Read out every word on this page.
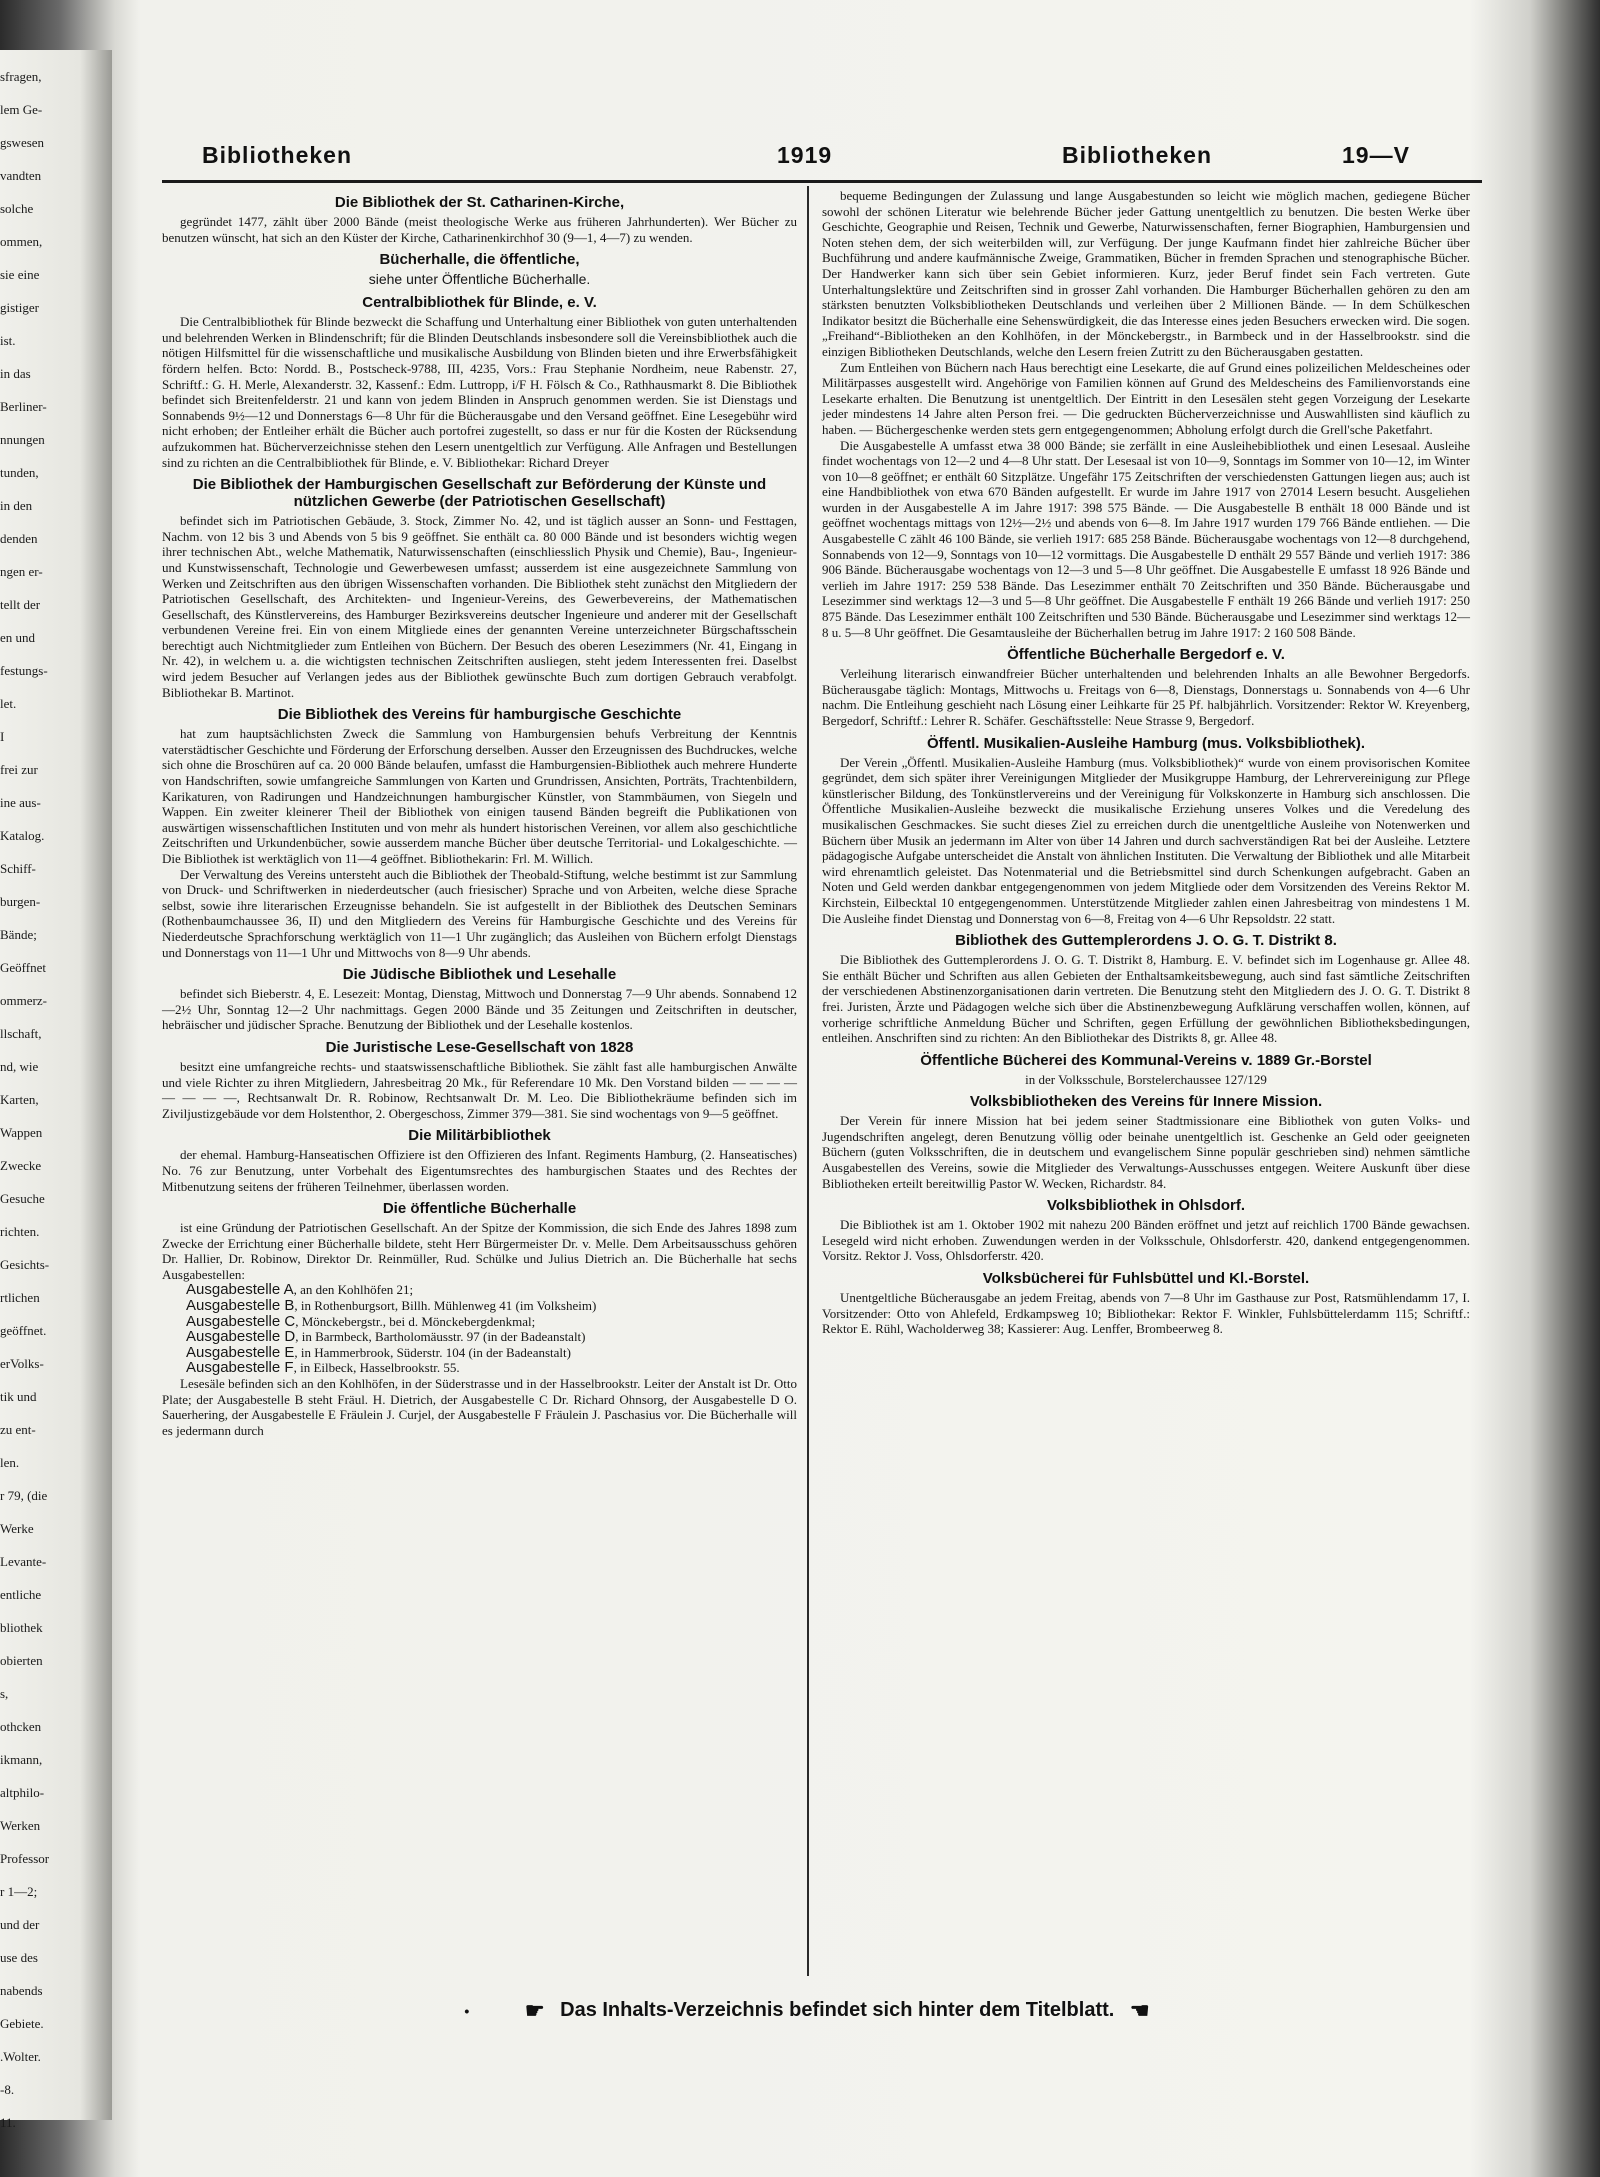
sfragen,
lem Ge-
gswesen
vandten
solche
ommen,
sie eine
gistiger
ist.
in das
Berliner-
nnungen
tunden,
in den
denden
ngen er-
tellt der
en und
festungs-
let.
I
frei zur
ine aus-
Katalog.
Schiff-
burgen-
Bände;
Geöffnet
ommerz-
llschaft,
nd, wie
Karten,
Wappen
Zwecke
Gesuche
richten.
Gesichts-
rtlichen
geöffnet.
erVolks-
tik und
zu ent-
len.
r 79, (die
Werke
Levante-
entliche
bliothek
obierten
s,
othcken
ikmann,
altphilo-
Werken
Professor
r 1—2;
und der
use des
nabends
Gebiete.
.Wolter.
-8.
11.
Bibliotheken	1919	Bibliotheken	19—V
Die Bibliothek der St. Catharinen-Kirche,

gegründet 1477, zählt über 2000 Bände (meist theologische Werke aus früheren Jahrhunderten). Wer Bücher zu benutzen wünscht, hat sich an den Küster der Kirche, Catharinenkirchhof 30 (9—1, 4—7) zu wenden.

Bücherhalle, die öffentliche,
siehe unter Öffentliche Bücherhalle.
Centralbibliothek für Blinde, e. V.

Die Centralbibliothek für Blinde bezweckt die Schaffung und Unterhaltung einer Bibliothek von guten unterhaltenden und belehrenden Werken in Blindenschrift; für die Blinden Deutschlands insbesondere soll die Vereinsbibliothek auch die nötigen Hilfsmittel für die wissenschaftliche und musikalische Ausbildung von Blinden bieten und ihre Erwerbsfähigkeit fördern helfen. Bcto: Nordd. B., Postscheck-9788, III, 4235, Vors.: Frau Stephanie Nordheim, neue Rabenstr. 27, Schriftf.: G. H. Merle, Alexanderstr. 32, Kassenf.: Edm. Luttropp, i/F H. Fölsch & Co., Rathhausmarkt 8. Die Bibliothek befindet sich Breitenfelderstr. 21 und kann von jedem Blinden in Anspruch genommen werden. Sie ist Dienstags und Sonnabends 9½—12 und Donnerstags 6—8 Uhr für die Bücherausgabe und den Versand geöffnet. Eine Lesegebühr wird nicht erhoben; der Entleiher erhält die Bücher auch portofrei zugestellt, so dass er nur für die Kosten der Rücksendung aufzukommen hat. Bücherverzeichnisse stehen den Lesern unentgeltlich zur Verfügung. Alle Anfragen und Bestellungen sind zu richten an die Centralbibliothek für Blinde, e. V. Bibliothekar: Richard Dreyer

Die Bibliothek der Hamburgischen Gesellschaft zur Beförderung der Künste und nützlichen Gewerbe (der Patriotischen Gesellschaft)

befindet sich im Patriotischen Gebäude, 3. Stock, Zimmer No. 42, und ist täglich ausser an Sonn- und Festtagen, Nachm. von 12 bis 3 und Abends von 5 bis 9 geöffnet. Sie enthält ca. 80 000 Bände und ist besonders wichtig wegen ihrer technischen Abt., welche Mathematik, Naturwissenschaften (einschliesslich Physik und Chemie), Bau-, Ingenieur- und Kunstwissenschaft, Technologie und Gewerbewesen umfasst; ausserdem ist eine ausgezeichnete Sammlung von Werken und Zeitschriften aus den übrigen Wissenschaften vorhanden. Die Bibliothek steht zunächst den Mitgliedern der Patriotischen Gesellschaft, des Architekten- und Ingenieur-Vereins, des Gewerbevereins, der Mathematischen Gesellschaft, des Künstlervereins, des Hamburger Bezirksvereins deutscher Ingenieure und anderer mit der Gesellschaft verbundenen Vereine frei. Ein von einem Mitgliede eines der genannten Vereine unterzeichneter Bürgschaftsschein berechtigt auch Nichtmitglieder zum Entleihen von Büchern. Der Besuch des oberen Lesezimmers (Nr. 41, Eingang in Nr. 42), in welchem u. a. die wichtigsten technischen Zeitschriften ausliegen, steht jedem Interessenten frei. Daselbst wird jedem Besucher auf Verlangen jedes aus der Bibliothek gewünschte Buch zum dortigen Gebrauch verabfolgt. Bibliothekar B. Martinot.

Die Bibliothek des Vereins für hamburgische Geschichte

hat zum hauptsächlichsten Zweck die Sammlung von Hamburgensien behufs Verbreitung der Kenntnis vaterstädtischer Geschichte und Förderung der Erforschung derselben. Ausser den Erzeugnissen des Buchdruckes, welche sich ohne die Broschüren auf ca. 20 000 Bände belaufen, umfasst die Hamburgensien-Bibliothek auch mehrere Hunderte von Handschriften, sowie umfangreiche Sammlungen von Karten und Grundrissen, Ansichten, Porträts, Trachtenbildern, Karikaturen, von Radirungen und Handzeichnungen hamburgischer Künstler, von Stammbäumen, von Siegeln und Wappen. Ein zweiter kleinerer Theil der Bibliothek von einigen tausend Bänden begreift die Publikationen von auswärtigen wissenschaftlichen Instituten und von mehr als hundert historischen Vereinen, vor allem also geschichtliche Zeitschriften und Urkundenbücher, sowie ausserdem manche Bücher über deutsche Territorial- und Lokalgeschichte. — Die Bibliothek ist werktäglich von 11—4 geöffnet. Bibliothekarin: Frl. M. Willich.

Der Verwaltung des Vereins untersteht auch die Bibliothek der Theobald-Stiftung, welche bestimmt ist zur Sammlung von Druck- und Schriftwerken in niederdeutscher (auch friesischer) Sprache und von Arbeiten, welche diese Sprache selbst, sowie ihre literarischen Erzeugnisse behandeln. Sie ist aufgestellt in der Bibliothek des Deutschen Seminars (Rothenbaumchaussee 36, II) und den Mitgliedern des Vereins für Hamburgische Geschichte und des Vereins für Niederdeutsche Sprachforschung werktäglich von 11—1 Uhr zugänglich; das Ausleihen von Büchern erfolgt Dienstags und Donnerstags von 11—1 Uhr und Mittwochs von 8—9 Uhr abends.

Die Jüdische Bibliothek und Lesehalle

befindet sich Bieberstr. 4, E. Lesezeit: Montag, Dienstag, Mittwoch und Donnerstag 7—9 Uhr abends. Sonnabend 12—2½ Uhr, Sonntag 12—2 Uhr nachmittags. Gegen 2000 Bände und 35 Zeitungen und Zeitschriften in deutscher, hebräischer und jüdischer Sprache. Benutzung der Bibliothek und der Lesehalle kostenlos.

Die Juristische Lese-Gesellschaft von 1828

besitzt eine umfangreiche rechts- und staatswissenschaftliche Bibliothek. Sie zählt fast alle hamburgischen Anwälte und viele Richter zu ihren Mitgliedern, Jahresbeitrag 20 Mk., für Referendare 10 Mk. Den Vorstand bilden — — — — — — — —, Rechtsanwalt Dr. R. Robinow, Rechtsanwalt Dr. M. Leo. Die Bibliothekräume befinden sich im Ziviljustizgebäude vor dem Holstenthor, 2. Obergeschoss, Zimmer 379—381. Sie sind wochentags von 9—5 geöffnet.

Die Militärbibliothek

der ehemal. Hamburg-Hanseatischen Offiziere ist den Offizieren des Infant. Regiments Hamburg, (2. Hanseatisches) No. 76 zur Benutzung, unter Vorbehalt des Eigentumsrechtes des hamburgischen Staates und des Rechtes der Mitbenutzung seitens der früheren Teilnehmer, überlassen worden.

Die öffentliche Bücherhalle

ist eine Gründung der Patriotischen Gesellschaft. An der Spitze der Kommission, die sich Ende des Jahres 1898 zum Zwecke der Errichtung einer Bücherhalle bildete, steht Herr Bürgermeister Dr. v. Melle. Dem Arbeitsausschuss gehören Dr. Hallier, Dr. Robinow, Direktor Dr. Reinmüller, Rud. Schülke und Julius Dietrich an. Die Bücherhalle hat sechs Ausgabestellen:

Ausgabestelle A, an den Kohlhöfen 21;
Ausgabestelle B, in Rothenburgsort, Billh. Mühlenweg 41 (im Volksheim)
Ausgabestelle C, Mönckebergstr., bei d. Mönckebergdenkmal;
Ausgabestelle D, in Barmbeck, Bartholomäusstr. 97 (in der Badeanstalt)
Ausgabestelle E, in Hammerbrook, Süderstr. 104 (in der Badeanstalt)
Ausgabestelle F, in Eilbeck, Hasselbrookstr. 55.

Lesesäle befinden sich an den Kohlhöfen, in der Süderstrasse und in der Hasselbrookstr. Leiter der Anstalt ist Dr. Otto Plate; der Ausgabestelle B steht Fräul. H. Dietrich, der Ausgabestelle C Dr. Richard Ohnsorg, der Ausgabestelle D O. Sauerhering, der Ausgabestelle E Fräulein J. Curjel, der Ausgabestelle F Fräulein J. Paschasius vor. Die Bücherhalle will es jedermann durch

bequeme Bedingungen der Zulassung und lange Ausgabestunden so leicht wie möglich machen, gediegene Bücher sowohl der schönen Literatur wie belehrende Bücher jeder Gattung unentgeltlich zu benutzen. Die besten Werke über Geschichte, Geographie und Reisen, Technik und Gewerbe, Naturwissenschaften, ferner Biographien, Hamburgensien und Noten stehen dem, der sich weiterbilden will, zur Verfügung. Der junge Kaufmann findet hier zahlreiche Bücher über Buchführung und andere kaufmännische Zweige, Grammatiken, Bücher in fremden Sprachen und stenographische Bücher. Der Handwerker kann sich über sein Gebiet informieren. Kurz, jeder Beruf findet sein Fach vertreten. Gute Unterhaltungslektüre und Zeitschriften sind in grosser Zahl vorhanden. Die Hamburger Bücherhallen gehören zu den am stärksten benutzten Volksbibliotheken Deutschlands und verleihen über 2 Millionen Bände. — In dem Schülkeschen Indikator besitzt die Bücherhalle eine Sehenswürdigkeit, die das Interesse eines jeden Besuchers erwecken wird. Die sogen. „Freihand“-Bibliotheken an den Kohlhöfen, in der Mönckebergstr., in Barmbeck und in der Hasselbrookstr. sind die einzigen Bibliotheken Deutschlands, welche den Lesern freien Zutritt zu den Bücherausgaben gestatten.

Zum Entleihen von Büchern nach Haus berechtigt eine Lesekarte, die auf Grund eines polizeilichen Meldescheines oder Militärpasses ausgestellt wird. Angehörige von Familien können auf Grund des Meldescheins des Familienvorstands eine Lesekarte erhalten. Die Benutzung ist unentgeltlich. Der Eintritt in den Lesesälen steht gegen Vorzeigung der Lesekarte jeder mindestens 14 Jahre alten Person frei. — Die gedruckten Bücherverzeichnisse und Auswahllisten sind käuflich zu haben. — Büchergeschenke werden stets gern entgegengenommen; Abholung erfolgt durch die Grell'sche Paketfahrt.

Die Ausgabestelle A umfasst etwa 38 000 Bände; sie zerfällt in eine Ausleihebibliothek und einen Lesesaal. Ausleihe findet wochentags von 12—2 und 4—8 Uhr statt. Der Lesesaal ist von 10—9, Sonntags im Sommer von 10—12, im Winter von 10—8 geöffnet; er enthält 60 Sitzplätze. Ungefähr 175 Zeitschriften der verschiedensten Gattungen liegen aus; auch ist eine Handbibliothek von etwa 670 Bänden aufgestellt. Er wurde im Jahre 1917 von 27014 Lesern besucht. Ausgeliehen wurden in der Ausgabestelle A im Jahre 1917: 398 575 Bände. — Die Ausgabestelle B enthält 18 000 Bände und ist geöffnet wochentags mittags von 12½—2½ und abends von 6—8. Im Jahre 1917 wurden 179 766 Bände entliehen. — Die Ausgabestelle C zählt 46 100 Bände, sie verlieh 1917: 685 258 Bände. Bücherausgabe wochentags von 12—8 durchgehend, Sonnabends von 12—9, Sonntags von 10—12 vormittags. Die Ausgabestelle D enthält 29 557 Bände und verlieh 1917: 386 906 Bände. Bücherausgabe wochentags von 12—3 und 5—8 Uhr geöffnet. Die Ausgabestelle E umfasst 18 926 Bände und verlieh im Jahre 1917: 259 538 Bände. Das Lesezimmer enthält 70 Zeitschriften und 350 Bände. Bücherausgabe und Lesezimmer sind werktags 12—3 und 5—8 Uhr geöffnet. Die Ausgabestelle F enthält 19 266 Bände und verlieh 1917: 250 875 Bände. Das Lesezimmer enthält 100 Zeitschriften und 530 Bände. Bücherausgabe und Lesezimmer sind werktags 12—8 u. 5—8 Uhr geöffnet. Die Gesamtausleihe der Bücherhallen betrug im Jahre 1917: 2 160 508 Bände.

Öffentliche Bücherhalle Bergedorf e. V.

Verleihung literarisch einwandfreier Bücher unterhaltenden und belehrenden Inhalts an alle Bewohner Bergedorfs. Bücherausgabe täglich: Montags, Mittwochs u. Freitags von 6—8, Dienstags, Donnerstags u. Sonnabends von 4—6 Uhr nachm. Die Entleihung geschieht nach Lösung einer Leihkarte für 25 Pf. halbjährlich. Vorsitzender: Rektor W. Kreyenberg, Bergedorf, Schriftf.: Lehrer R. Schäfer. Geschäftsstelle: Neue Strasse 9, Bergedorf.

Öffentl. Musikalien-Ausleihe Hamburg (mus. Volksbibliothek).

Der Verein „Öffentl. Musikalien-Ausleihe Hamburg (mus. Volksbibliothek)“ wurde von einem provisorischen Komitee gegründet, dem sich später ihrer Vereinigungen Mitglieder der Musikgruppe Hamburg, der Lehrervereinigung zur Pflege künstlerischer Bildung, des Tonkünstlervereins und der Vereinigung für Volkskonzerte in Hamburg sich anschlossen. Die Öffentliche Musikalien-Ausleihe bezweckt die musikalische Erziehung unseres Volkes und die Veredelung des musikalischen Geschmackes. Sie sucht dieses Ziel zu erreichen durch die unentgeltliche Ausleihe von Notenwerken und Büchern über Musik an jedermann im Alter von über 14 Jahren und durch sachverständigen Rat bei der Ausleihe. Letztere pädagogische Aufgabe unterscheidet die Anstalt von ähnlichen Instituten. Die Verwaltung der Bibliothek und alle Mitarbeit wird ehrenamtlich geleistet. Das Notenmaterial und die Betriebsmittel sind durch Schenkungen aufgebracht. Gaben an Noten und Geld werden dankbar entgegengenommen von jedem Mitgliede oder dem Vorsitzenden des Vereins Rektor M. Kirchstein, Eilbecktal 10 entgegengenommen. Unterstützende Mitglieder zahlen einen Jahresbeitrag von mindestens 1 M. Die Ausleihe findet Dienstag und Donnerstag von 6—8, Freitag von 4—6 Uhr Repsoldstr. 22 statt.

Bibliothek des Guttemplerordens J. O. G. T. Distrikt 8.

Die Bibliothek des Guttemplerordens J. O. G. T. Distrikt 8, Hamburg. E. V. befindet sich im Logenhause gr. Allee 48. Sie enthält Bücher und Schriften aus allen Gebieten der Enthaltsamkeitsbewegung, auch sind fast sämtliche Zeitschriften der verschiedenen Abstinenzorganisationen darin vertreten. Die Benutzung steht den Mitgliedern des J. O. G. T. Distrikt 8 frei. Juristen, Ärzte und Pädagogen welche sich über die Abstinenzbewegung Aufklärung verschaffen wollen, können, auf vorherige schriftliche Anmeldung Bücher und Schriften, gegen Erfüllung der gewöhnlichen Bibliotheksbedingungen, entleihen. Anschriften sind zu richten: An den Bibliothekar des Distrikts 8, gr. Allee 48.

Öffentliche Bücherei des Kommunal-Vereins v. 1889 Gr.-Borstel
in der Volksschule, Borstelerchaussee 127/129
Volksbibliotheken des Vereins für Innere Mission.

Der Verein für innere Mission hat bei jedem seiner Stadtmissionare eine Bibliothek von guten Volks- und Jugendschriften angelegt, deren Benutzung völlig oder beinahe unentgeltlich ist. Geschenke an Geld oder geeigneten Büchern (guten Volksschriften, die in deutschem und evangelischem Sinne populär geschrieben sind) nehmen sämtliche Ausgabestellen des Vereins, sowie die Mitglieder des Verwaltungs-Ausschusses entgegen. Weitere Auskunft über diese Bibliotheken erteilt bereitwillig Pastor W. Wecken, Richardstr. 84.

Volksbibliothek in Ohlsdorf.

Die Bibliothek ist am 1. Oktober 1902 mit nahezu 200 Bänden eröffnet und jetzt auf reichlich 1700 Bände gewachsen. Lesegeld wird nicht erhoben. Zuwendungen werden in der Volksschule, Ohlsdorferstr. 420, dankend entgegengenommen. Vorsitz. Rektor J. Voss, Ohlsdorferstr. 420.

Volksbücherei für Fuhlsbüttel und Kl.-Borstel.

Unentgeltliche Bücherausgabe an jedem Freitag, abends von 7—8 Uhr im Gasthause zur Post, Ratsmühlendamm 17, I. Vorsitzender: Otto von Ahlefeld, Erdkampsweg 10; Bibliothekar: Rektor F. Winkler, Fuhlsbüttelerdamm 115; Schriftf.: Rektor E. Rühl, Wacholderweg 38; Kassierer: Aug. Lenffer, Brombeerweg 8.

•	☛ Das Inhalts-Verzeichnis befindet sich hinter dem Titelblatt. ☚
